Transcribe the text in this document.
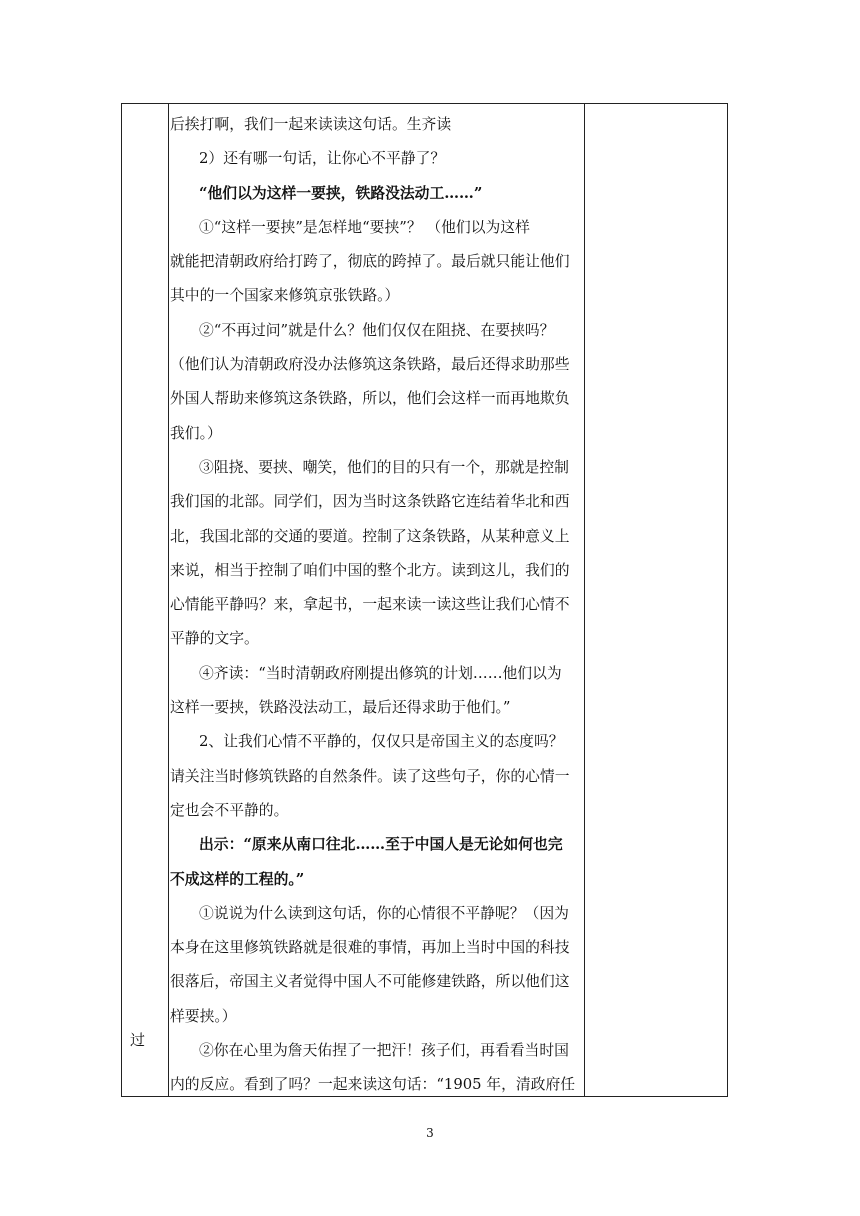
过
后挨打啊，我们一起来读读这句话。生齐读
2）还有哪一句话，让你心不平静了？
“他们以为这样一要挟，铁路没法动工……”
①“这样一要挟”是怎样地“要挟”？ （他们以为这样
就能把清朝政府给打跨了，彻底的跨掉了。最后就只能让他们
其中的一个国家来修筑京张铁路。）
②“不再过问”就是什么？他们仅仅在阻挠、在要挟吗？
（他们认为清朝政府没办法修筑这条铁路，最后还得求助那些
外国人帮助来修筑这条铁路，所以，他们会这样一而再地欺负
我们。）
③阻挠、要挟、嘲笑，他们的目的只有一个，那就是控制
我们国的北部。同学们，因为当时这条铁路它连结着华北和西
北，我国北部的交通的要道。控制了这条铁路，从某种意义上
来说，相当于控制了咱们中国的整个北方。读到这儿，我们的
心情能平静吗？来，拿起书，一起来读一读这些让我们心情不
平静的文字。
④齐读：“当时清朝政府刚提出修筑的计划……他们以为
这样一要挟，铁路没法动工，最后还得求助于他们。”
2、让我们心情不平静的，仅仅只是帝国主义的态度吗？
请关注当时修筑铁路的自然条件。读了这些句子，你的心情一
定也会不平静的。
出示：“原来从南口往北……至于中国人是无论如何也完
不成这样的工程的。”
①说说为什么读到这句话，你的心情很不平静呢？（因为
本身在这里修筑铁路就是很难的事情，再加上当时中国的科技
很落后，帝国主义者觉得中国人不可能修建铁路，所以他们这
样要挟。）
②你在心里为詹天佑捏了一把汗！孩子们，再看看当时国
内的反应。看到了吗？一起来读这句话：“1905 年，清政府任
3
